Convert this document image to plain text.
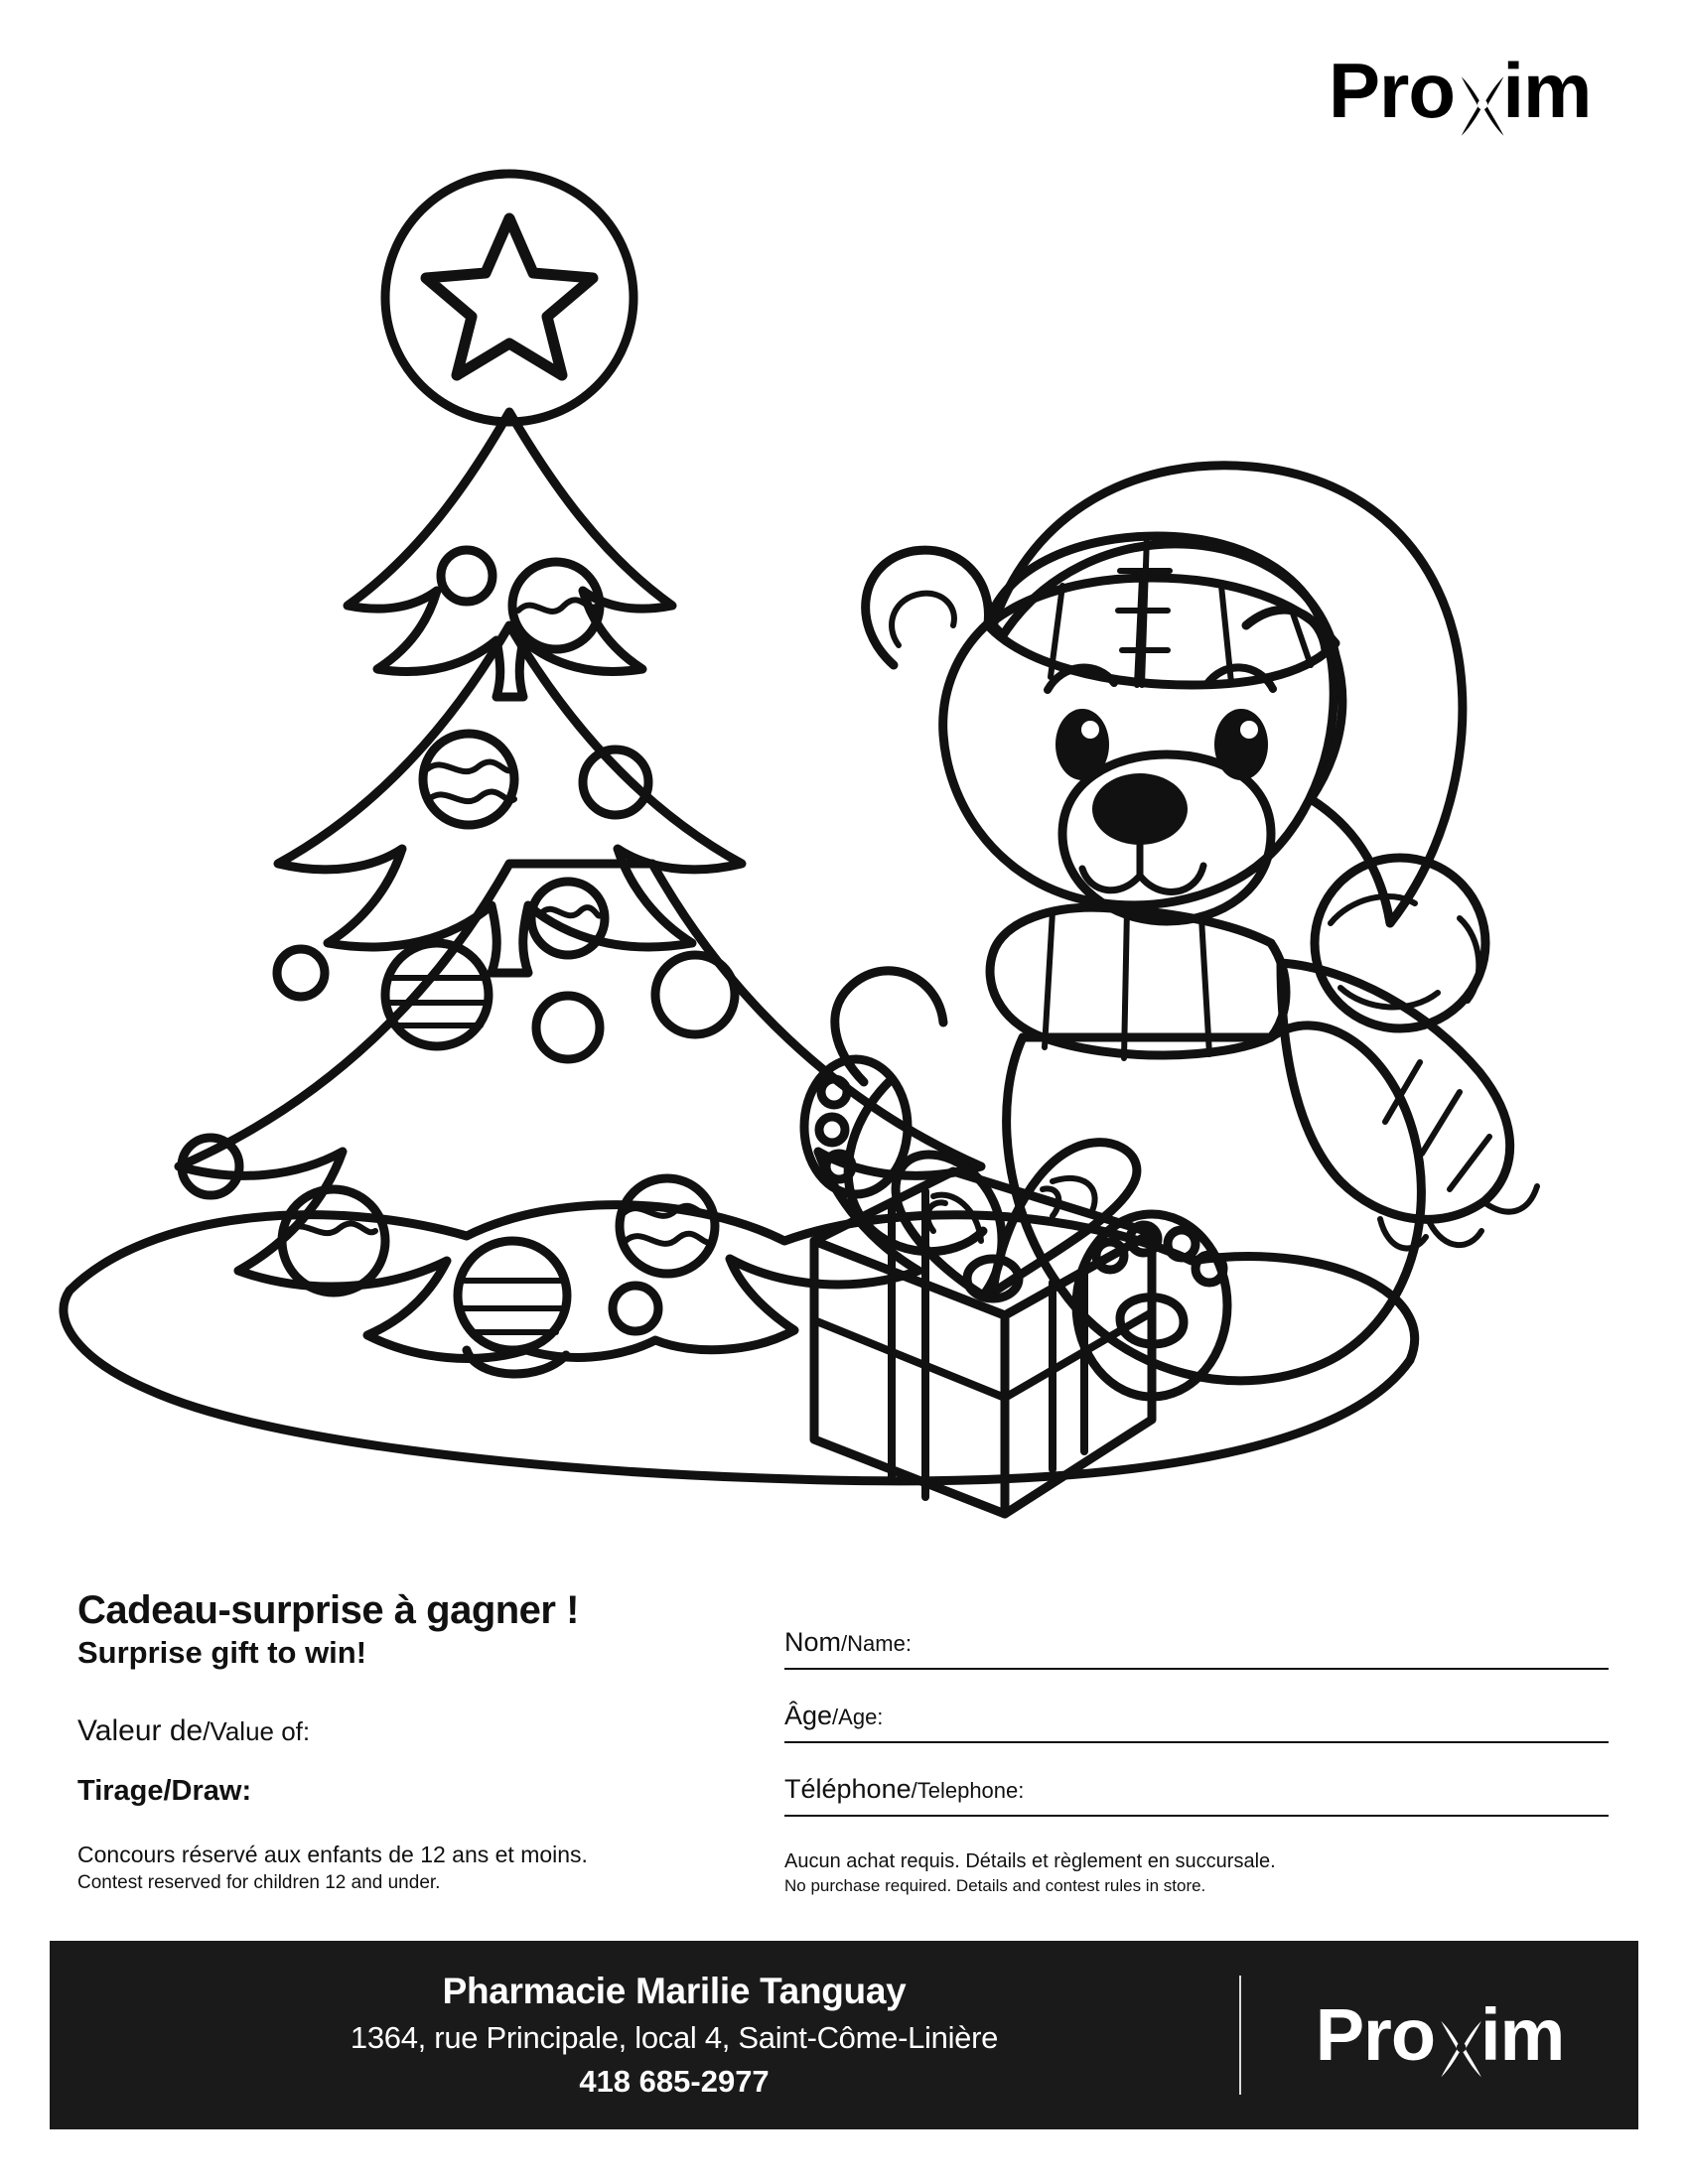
Pro im

Cadeau-surprise à gagner !

Surprise gift to win!

Valeur de/Value of:

Tirage/Draw:

Concours réservé aux enfants de 12 ans et moins.

Contest reserved for children 12 and under.

Nom/Name:
Âge/Age:
Téléphone/Telephone:

Aucun achat requis. Détails et règlement en succursale.

No purchase required. Details and contest rules in store.

Pharmacie Marilie Tanguay

1364, rue Principale, local 4, Saint-Côme-Linière

418 685-2977

Pro im
